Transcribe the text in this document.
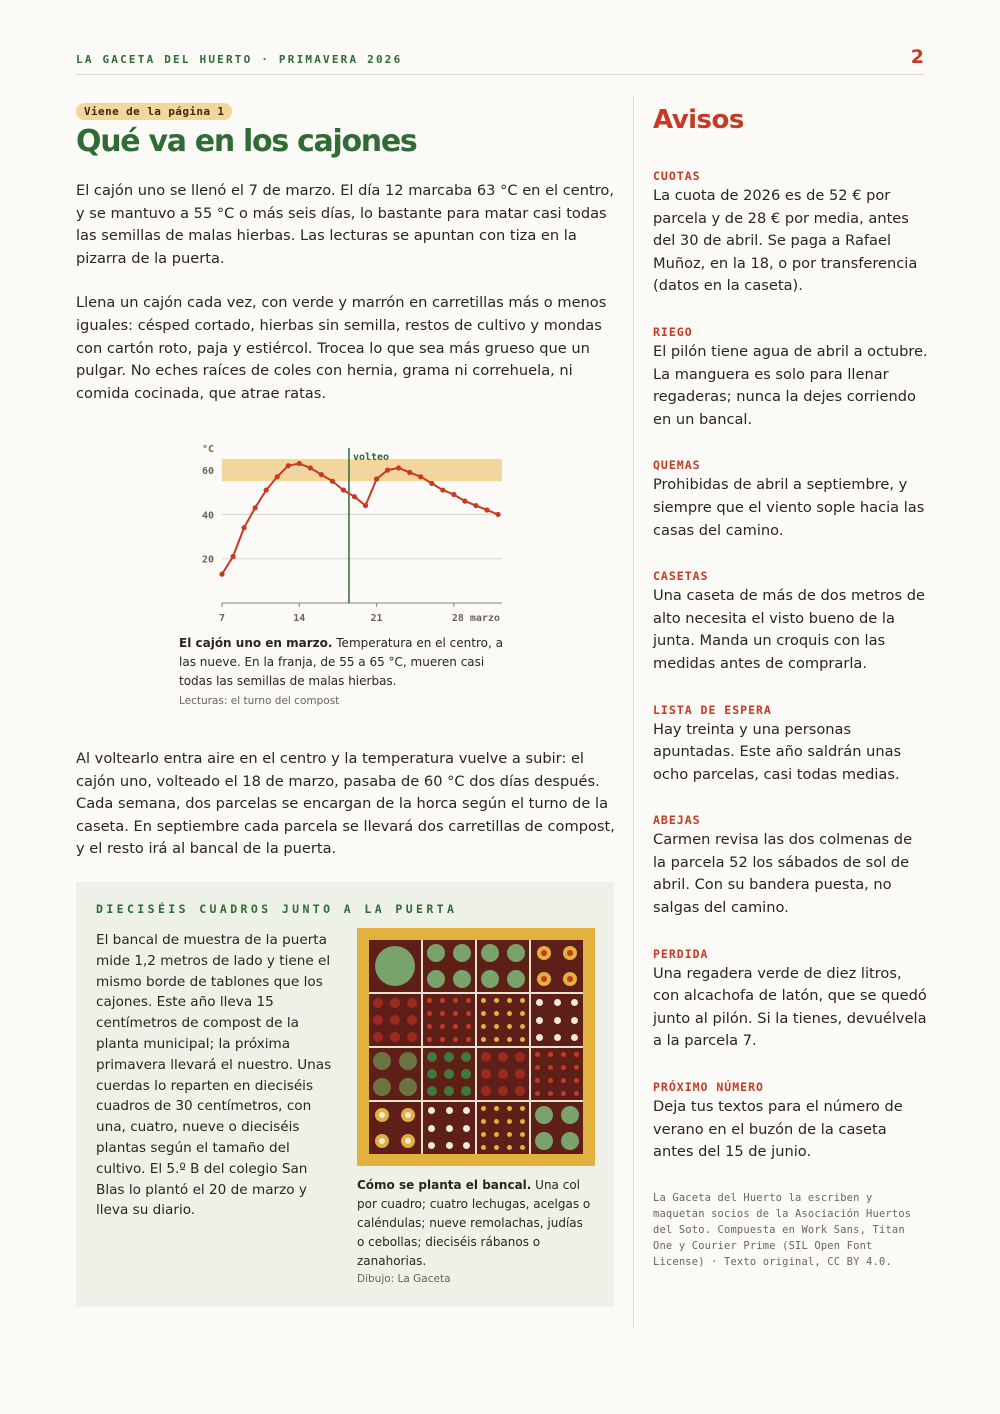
LA GACETA DEL HUERTO · PRIMAVERA 2026	2
Viene de la página 1
Qué va en los cajones

El cajón uno se llenó el 7 de marzo. El día 12 marcaba 63 °C en el centro, y se mantuvo a 55 °C o más seis días, lo bastante para matar casi todas las semillas de malas hierbas. Las lecturas se apuntan con tiza en la pizarra de la puerta.

Llena un cajón cada vez, con verde y marrón en carretillas más o menos iguales: césped cortado, hierbas sin semilla, restos de cultivo y mondas con cartón roto, paja y estiércol. Trocea lo que sea más grueso que un pulgar. No eches raíces de coles con hernia, grama ni correhuela, ni comida cocinada, que atrae ratas.

20
40
60
°C
7	14	21	28 marzo
volteo

El cajón uno en marzo. Temperatura en el centro, a las nueve. En la franja, de 55 a 65 °C, mueren casi todas las semillas de malas hierbas.

Lecturas: el turno del compost

Al voltearlo entra aire en el centro y la temperatura vuelve a subir: el cajón uno, volteado el 18 de marzo, pasaba de 60 °C dos días después. Cada semana, dos parcelas se encargan de la horca según el turno de la caseta. En septiembre cada parcela se llevará dos carretillas de compost, y el resto irá al bancal de la puerta.

DIECISÉIS CUADROS JUNTO A LA PUERTA

El bancal de muestra de la puerta mide 1,2 metros de lado y tiene el mismo borde de tablones que los cajones. Este año lleva 15 centímetros de compost de la planta municipal; la próxima primavera llevará el nuestro. Unas cuerdas lo reparten en dieciséis cuadros de 30 centímetros, con una, cuatro, nueve o dieciséis plantas según el tamaño del cultivo. El 5.º B del colegio San Blas lo plantó el 20 de marzo y lleva su diario.

Cómo se planta el bancal. Una col por cuadro; cuatro lechugas, acelgas o caléndulas; nueve remolachas, judías o cebollas; dieciséis rábanos o zanahorias.

Dibujo: La Gaceta
Avisos
CUOTAS
La cuota de 2026 es de 52 € por parcela y de 28 € por media, antes del 30 de abril. Se paga a Rafael Muñoz, en la 18, o por transferencia (datos en la caseta).
RIEGO
El pilón tiene agua de abril a octubre. La manguera es solo para llenar regaderas; nunca la dejes corriendo en un bancal.
QUEMAS
Prohibidas de abril a septiembre, y siempre que el viento sople hacia las casas del camino.
CASETAS
Una caseta de más de dos metros de alto necesita el visto bueno de la junta. Manda un croquis con las medidas antes de comprarla.
LISTA DE ESPERA
Hay treinta y una personas apuntadas. Este año saldrán unas ocho parcelas, casi todas medias.
ABEJAS
Carmen revisa las dos colmenas de la parcela 52 los sábados de sol de abril. Con su bandera puesta, no salgas del camino.
PERDIDA
Una regadera verde de diez litros, con alcachofa de latón, que se quedó junto al pilón. Si la tienes, devuélvela a la parcela 7.
PRÓXIMO NÚMERO
Deja tus textos para el número de verano en el buzón de la caseta antes del 15 de junio.

La Gaceta del Huerto la escriben y maquetan socios de la Asociación Huertos del Soto. Compuesta en Work Sans, Titan One y Courier Prime (SIL Open Font License) · Texto original, CC BY 4.0.
